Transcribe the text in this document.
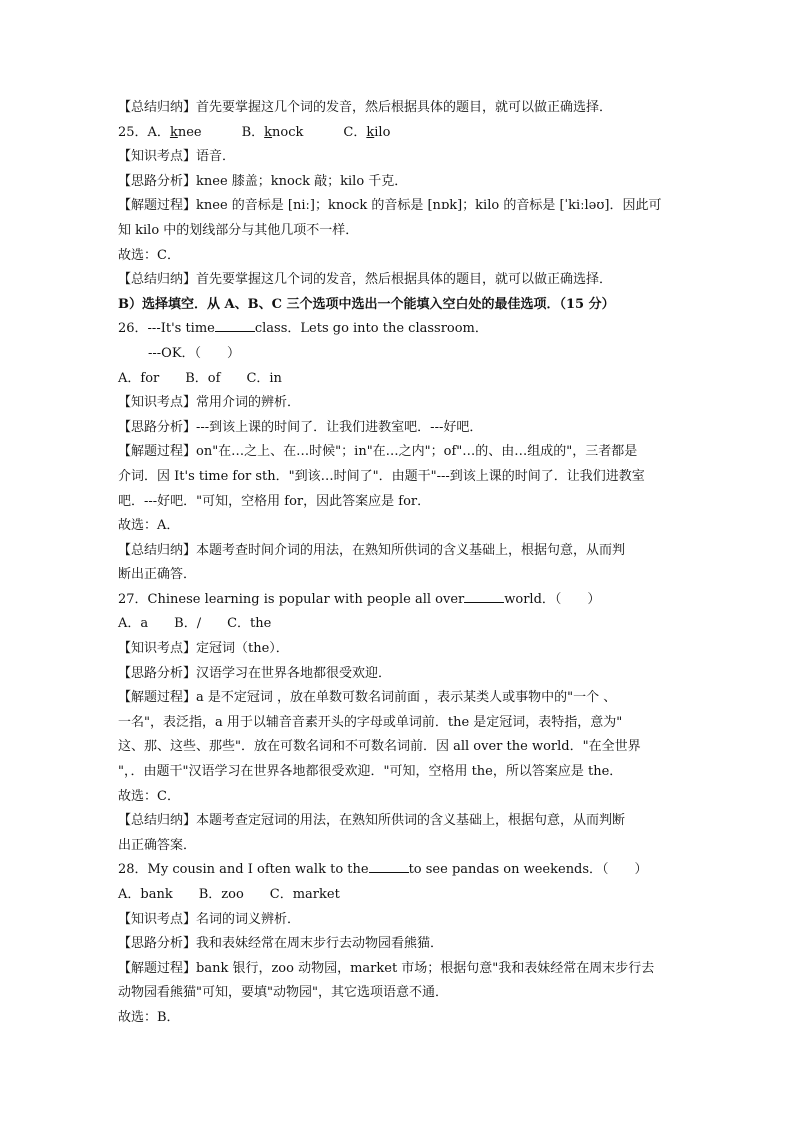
【总结归纳】首先要掌握这几个词的发音，然后根据具体的题目，就可以做正确选择．
25．A．knee	B．knock	C．kilo
【知识考点】语音．
【思路分析】knee 膝盖；knock 敲；kilo 千克．
【解题过程】knee 的音标是 [niː]；knock 的音标是 [nɒk]；kilo 的音标是 [ˈkiːləʊ]．因此可
知 kilo 中的划线部分与其他几项不一样．
故选：C．
【总结归纳】首先要掌握这几个词的发音，然后根据具体的题目，就可以做正确选择．
B）选择填空．从 A、B、C 三个选项中选出一个能填入空白处的最佳选项．（15 分）
26．---It's time	class．Lets go into the classroom．
---OK．（　　）
A．for B．of C．in
【知识考点】常用介词的辨析．
【思路分析】---到该上课的时间了．让我们进教室吧．---好吧．
【解题过程】on"在…之上、在…时候"；in"在…之内"；of"…的、由…组成的"，三者都是
介词．因 It's time for sth．"到该…时间了"．由题干"---到该上课的时间了．让我们进教室
吧．---好吧．"可知，空格用 for，因此答案应是 for．
故选：A．
【总结归纳】本题考查时间介词的用法，在熟知所供词的含义基础上，根据句意，从而判
断出正确答．
27．Chinese learning is popular with people all over	world．（　　）
A．a B．/ C．the
【知识考点】定冠词（the）．
【思路分析】汉语学习在世界各地都很受欢迎．
【解题过程】a 是不定冠词 ，放在单数可数名词前面 ，表示某类人或事物中的"一个 、
一名"，表泛指，a 用于以辅音音素开头的字母或单词前．the 是定冠词，表特指，意为"
这、那、这些、那些"．放在可数名词和不可数名词前．因 all over the world．"在全世界
"，．由题干"汉语学习在世界各地都很受欢迎．"可知，空格用 the，所以答案应是 the．
故选：C．
【总结归纳】本题考查定冠词的用法，在熟知所供词的含义基础上，根据句意，从而判断
出正确答案．
28．My cousin and I often walk to the	to see pandas on weekends．（　　）
A．bank B．zoo C．market
【知识考点】名词的词义辨析．
【思路分析】我和表妹经常在周末步行去动物园看熊猫．
【解题过程】bank 银行，zoo 动物园，market 市场；根据句意"我和表妹经常在周末步行去
动物园看熊猫"可知，要填"动物园"，其它选项语意不通．
故选：B．
